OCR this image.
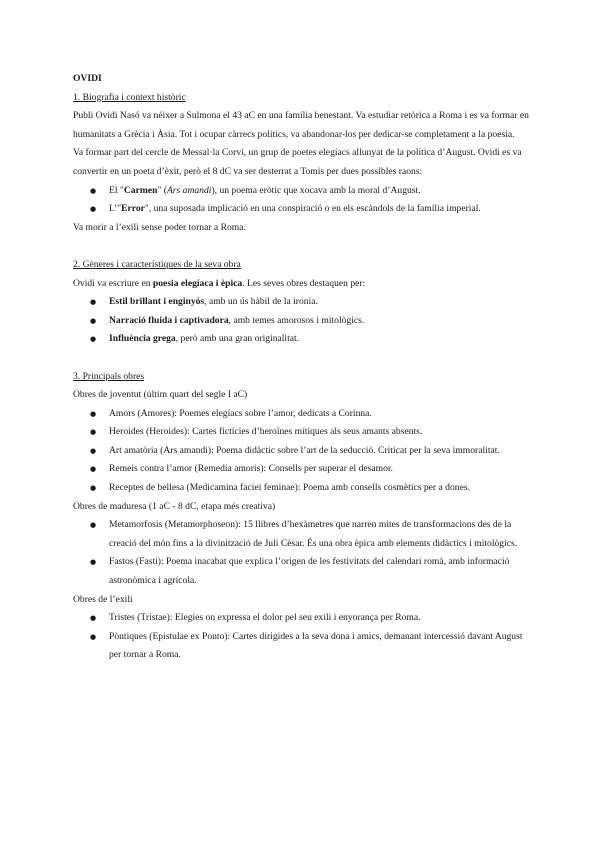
OVIDI

1. Biografia i context històric

Publi Ovidi Nasó va néixer a Sulmona el 43 aC en una família benestant. Va estudiar retòrica a Roma i es va formar en humanitats a Grècia i Àsia. Tot i ocupar càrrecs polítics, va abandonar-los per dedicar-se completament a la poesia.

Va formar part del cercle de Messal·la Corví, un grup de poetes elegíacs allunyat de la política d’August. Ovidi es va convertir en un poeta d’èxit, però el 8 dC va ser desterrat a Tomis per dues possibles raons:

● El "Carmen" (Ars amandi), un poema eròtic que xocava amb la moral d’August.
● L’"Error", una suposada implicació en una conspiració o en els escàndols de la família imperial.

Va morir a l’exili sense poder tornar a Roma.

2. Gèneres i característiques de la seva obra

Ovidi va escriure en poesia elegíaca i èpica. Les seves obres destaquen per:

● Estil brillant i enginyós, amb un ús hàbil de la ironia.
● Narració fluida i captivadora, amb temes amorosos i mitològics.
● Influència grega, però amb una gran originalitat.

3. Principals obres

Obres de joventut (últim quart del segle I aC)

● Amors (Amores): Poemes elegíacs sobre l’amor, dedicats a Corinna.
● Heroides (Heroides): Cartes fictícies d’heroïnes mítiques als seus amants absents.
● Art amatòria (Ars amandi): Poema didàctic sobre l’art de la seducció. Criticat per la seva immoralitat.
● Remeis contra l’amor (Remedia amoris): Consells per superar el desamor.
● Receptes de bellesa (Medicamina faciei feminae): Poema amb consells cosmètics per a dones.

Obres de maduresa (1 aC - 8 dC, etapa més creativa)

● Metamorfosis (Metamorphoseon): 15 llibres d’hexàmetres que narren mites de transformacions des de la creació del món fins a la divinització de Juli Cèsar. És una obra èpica amb elements didàctics i mitològics.
● Fastos (Fasti): Poema inacabat que explica l’origen de les festivitats del calendari romà, amb informació astronòmica i agrícola.

Obres de l’exili

● Tristes (Tristae): Elegies on expressa el dolor pel seu exili i enyorança per Roma.
● Pòntiques (Epistulae ex Ponto): Cartes dirigides a la seva dona i amics, demanant intercessió davant August per tornar a Roma.
